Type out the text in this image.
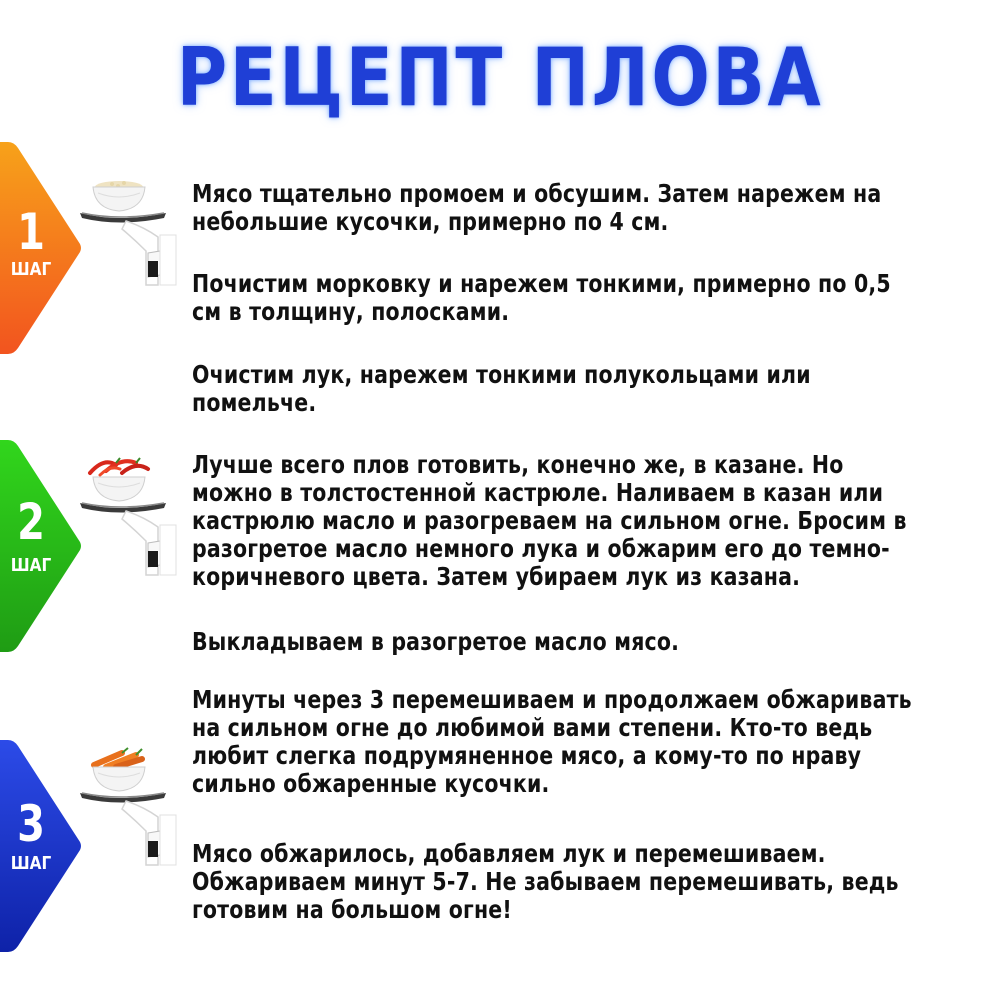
РЕЦЕПТ ПЛОВА
1
ШАГ
2
ШАГ
3
ШАГ

Мясо тщательно промоем и обсушим. Затем нарежем на небольшие кусочки, примерно по 4 см.

Почистим морковку и нарежем тонкими, примерно по 0,5 см в толщину, полосками.

Очистим лук, нарежем тонкими полукольцами или помельче.

Лучше всего плов готовить, конечно же, в казане. Но можно в толстостенной кастрюле. Наливаем в казан или кастрюлю масло и разогреваем на сильном огне. Бросим в разогретое масло немного лука и обжарим его до темно-коричневого цвета. Затем убираем лук из казана.

Выкладываем в разогретое масло мясо.

Минуты через 3 перемешиваем и продолжаем обжаривать на сильном огне до любимой вами степени. Кто-то ведь любит слегка подрумяненное мясо, а кому-то по нраву сильно обжаренные кусочки.

Мясо обжарилось, добавляем лук и перемешиваем. Обжариваем минут 5-7. Не забываем перемешивать, ведь готовим на большом огне!
